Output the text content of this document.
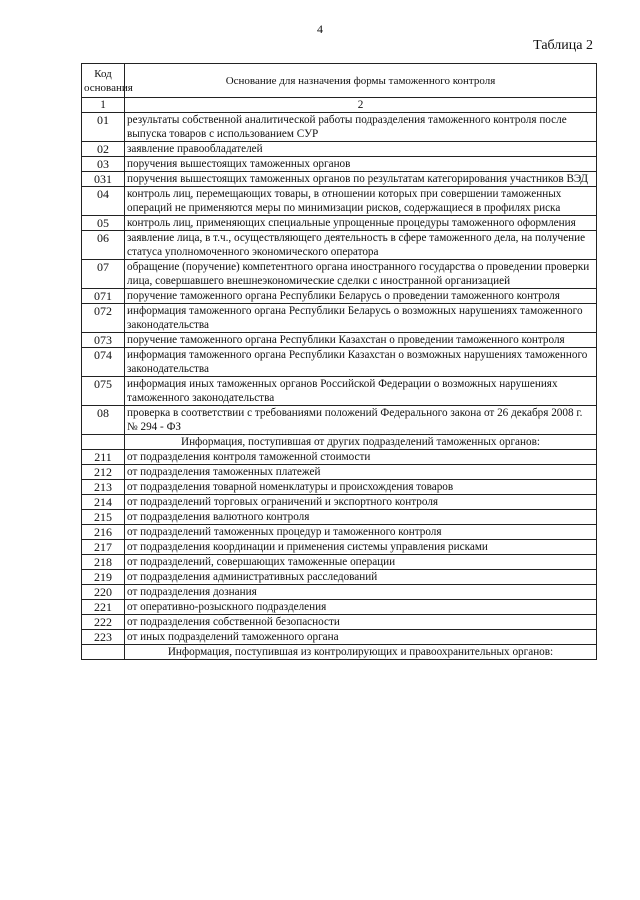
4
Таблица 2
Код основания	Основание для назначения формы таможенного контроля
1	2
01	результаты собственной аналитической работы подразделения таможенного контроля после выпуска товаров с использованием СУР
02	заявление правообладателей
03	поручения вышестоящих таможенных органов
031	поручения вышестоящих таможенных органов по результатам категорирования участников ВЭД
04	контроль лиц, перемещающих товары, в отношении которых при совершении таможенных операций не применяются меры по минимизации рисков, содержащиеся в профилях риска
05	контроль лиц, применяющих специальные упрощенные процедуры таможенного оформления
06	заявление лица, в т.ч., осуществляющего деятельность в сфере таможенного дела, на получение статуса уполномоченного экономического оператора
07	обращение (поручение) компетентного органа иностранного государства о проведении проверки лица, совершавшего внешнеэкономические сделки с иностранной организацией
071	поручение таможенного органа Республики Беларусь о проведении таможенного контроля
072	информация таможенного органа Республики Беларусь о возможных нарушениях таможенного законодательства
073	поручение таможенного органа Республики Казахстан о проведении таможенного контроля
074	информация таможенного органа Республики Казахстан о возможных нарушениях таможенного законодательства
075	информация иных таможенных органов Российской Федерации о возможных нарушениях таможенного законодательства
08	проверка в соответствии с требованиями положений Федерального закона от 26 декабря 2008 г. № 294 - ФЗ
	Информация, поступившая от других подразделений таможенных органов:
211	от подразделения контроля таможенной стоимости
212	от подразделения таможенных платежей
213	от подразделения товарной номенклатуры и происхождения товаров
214	от подразделений торговых ограничений и экспортного контроля
215	от подразделения валютного контроля
216	от подразделений таможенных процедур и таможенного контроля
217	от подразделения координации и применения системы управления рисками
218	от подразделений, совершающих таможенные операции
219	от подразделения административных расследований
220	от подразделения дознания
221	от оперативно-розыскного подразделения
222	от подразделения собственной безопасности
223	от иных подразделений таможенного органа
	Информация, поступившая из контролирующих и правоохранительных органов:
